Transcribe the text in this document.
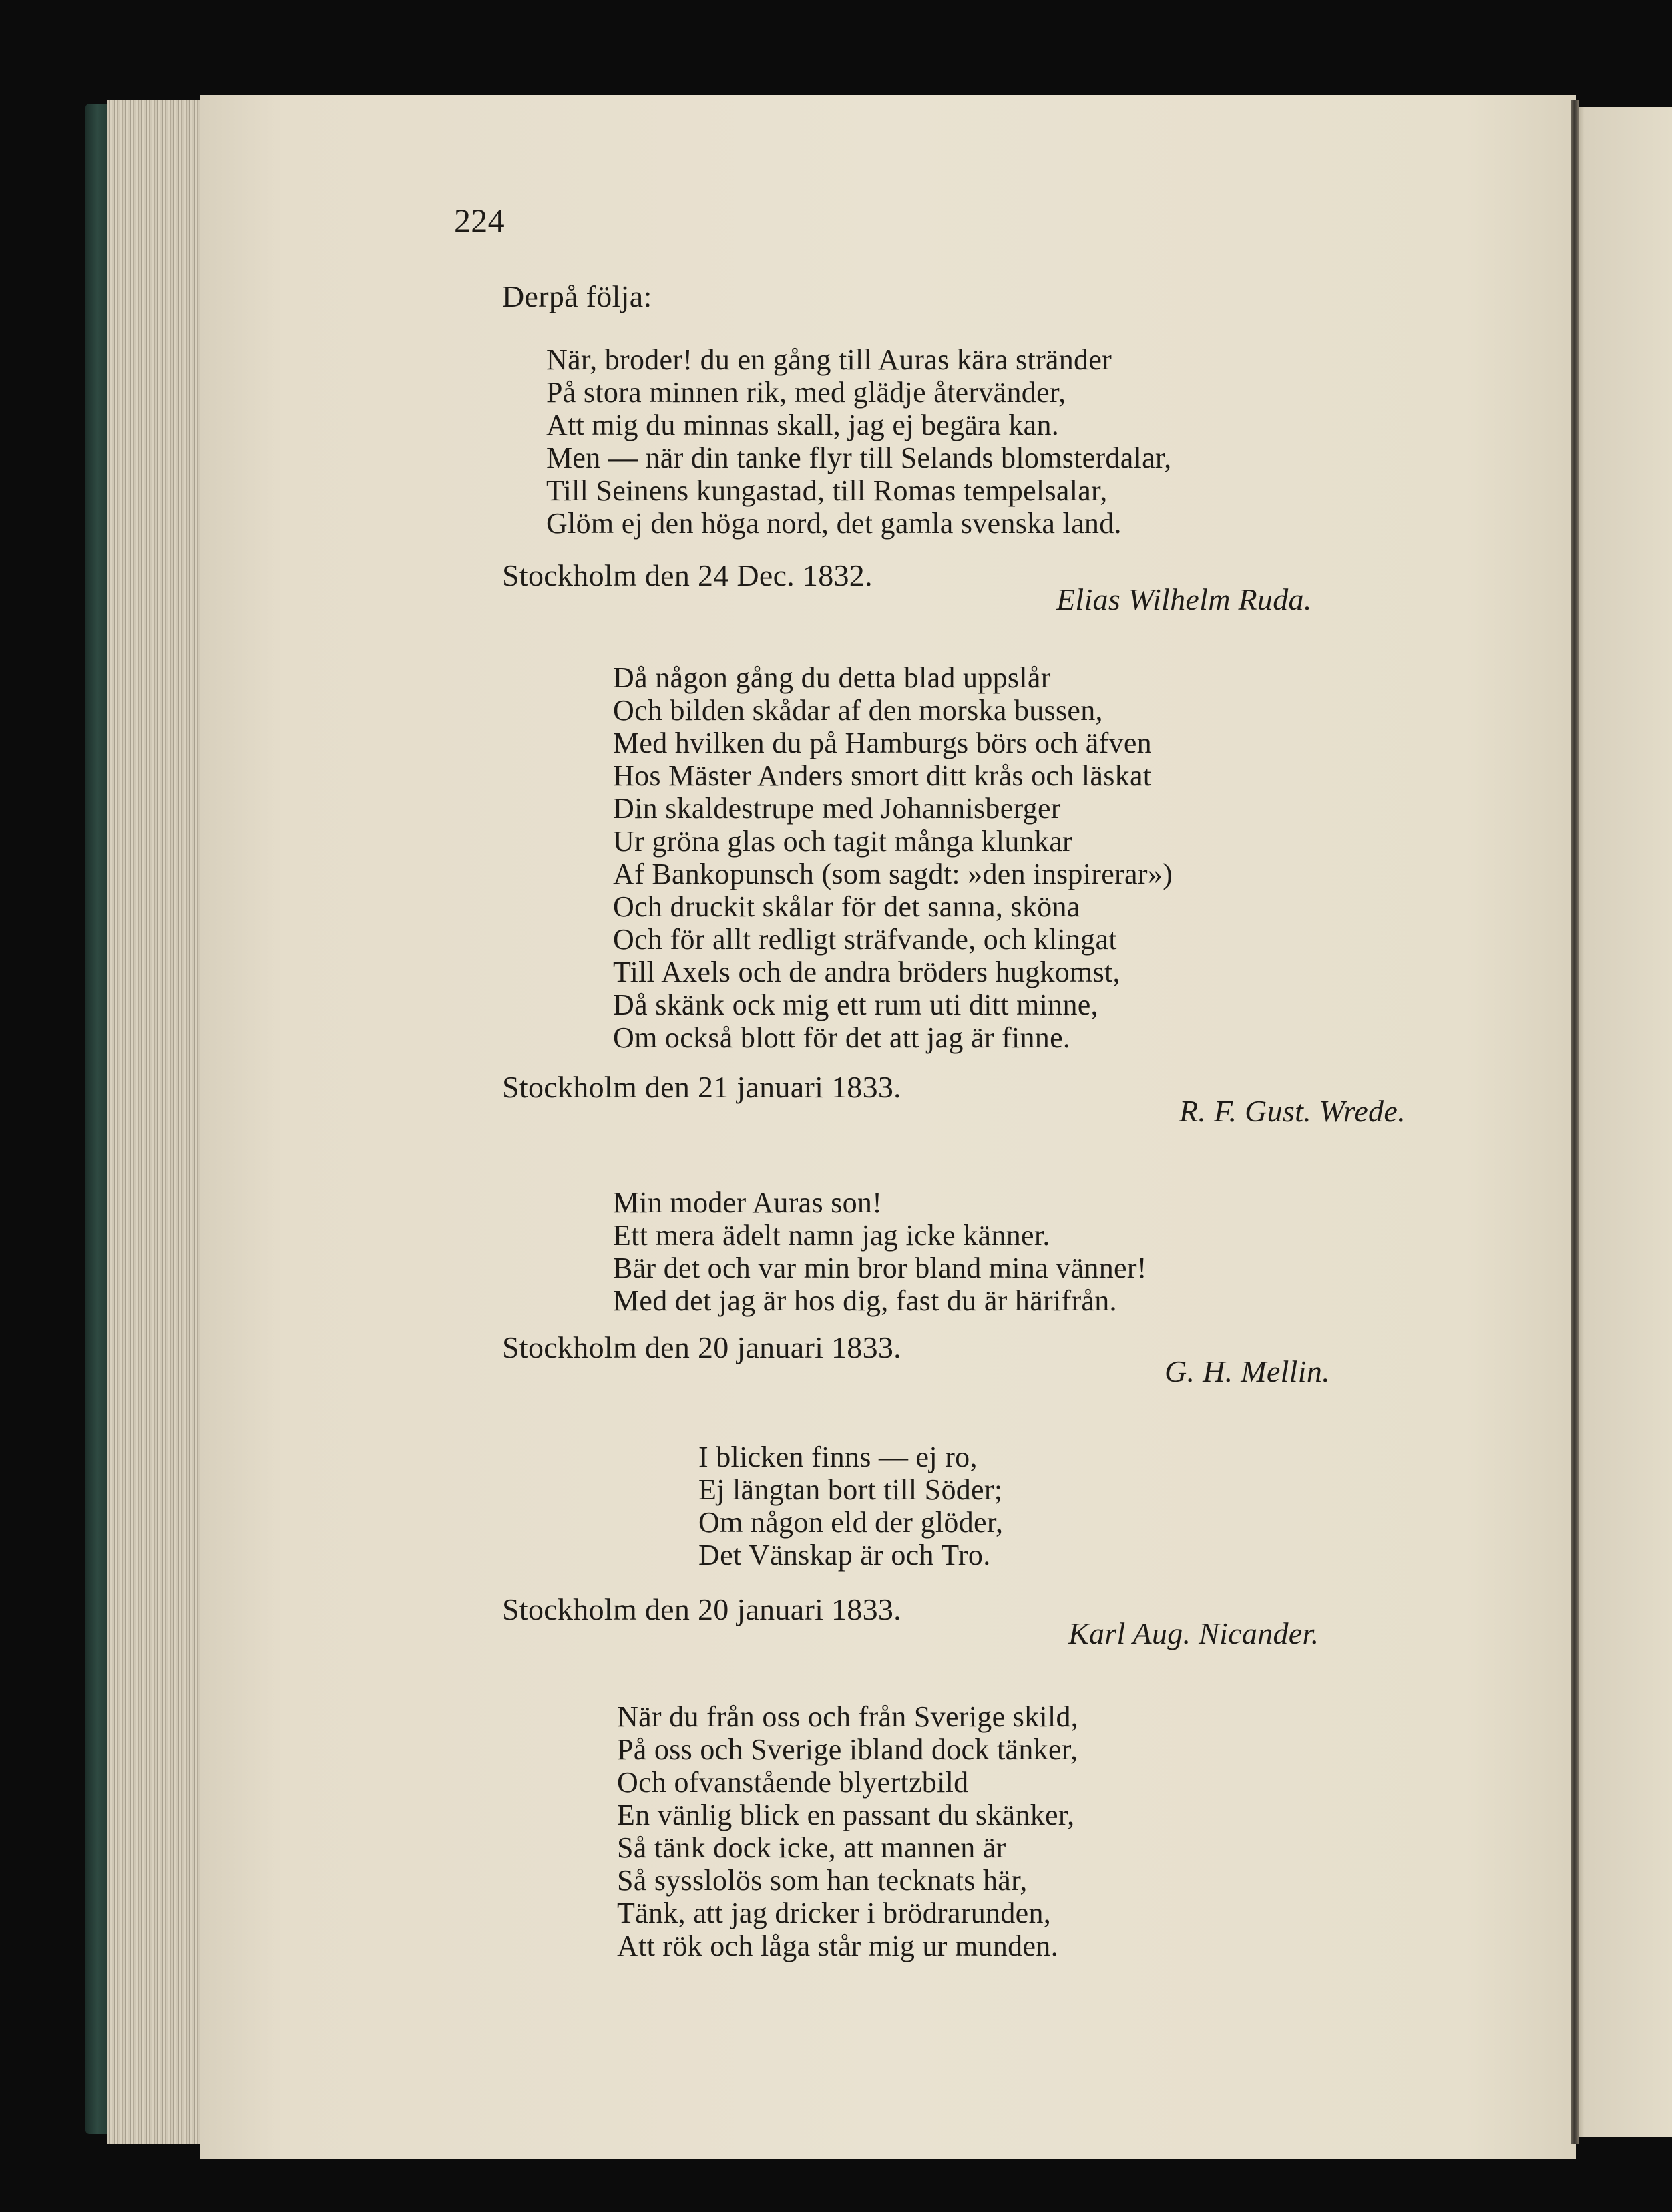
224
Derpå följa:
När, broder! du en gång till Auras kära stränder
På stora minnen rik, med glädje återvänder,
Att mig du minnas skall, jag ej begära kan.
Men — när din tanke flyr till Selands blomsterdalar,
Till Seinens kungastad, till Romas tempelsalar,
Glöm ej den höga nord, det gamla svenska land.
Stockholm den 24 Dec. 1832.
Elias Wilhelm Ruda.
Då någon gång du detta blad uppslår
Och bilden skådar af den morska bussen,
Med hvilken du på Hamburgs börs och äfven
Hos Mäster Anders smort ditt krås och läskat
Din skaldestrupe med Johannisberger
Ur gröna glas och tagit många klunkar
Af Bankopunsch (som sagdt: »den inspirerar»)
Och druckit skålar för det sanna, sköna
Och för allt redligt sträfvande, och klingat
Till Axels och de andra bröders hugkomst,
Då skänk ock mig ett rum uti ditt minne,
Om också blott för det att jag är finne.
Stockholm den 21 januari 1833.
R. F. Gust. Wrede.
Min moder Auras son!
Ett mera ädelt namn jag icke känner.
Bär det och var min bror bland mina vänner!
Med det jag är hos dig, fast du är härifrån.
Stockholm den 20 januari 1833.
G. H. Mellin.
I blicken finns — ej ro,
Ej längtan bort till Söder;
Om någon eld der glöder,
Det Vänskap är och Tro.
Stockholm den 20 januari 1833.
Karl Aug. Nicander.
När du från oss och från Sverige skild,
På oss och Sverige ibland dock tänker,
Och ofvanstående blyertzbild
En vänlig blick en passant du skänker,
Så tänk dock icke, att mannen är
Så sysslolös som han tecknats här,
Tänk, att jag dricker i brödrarunden,
Att rök och låga står mig ur munden.
